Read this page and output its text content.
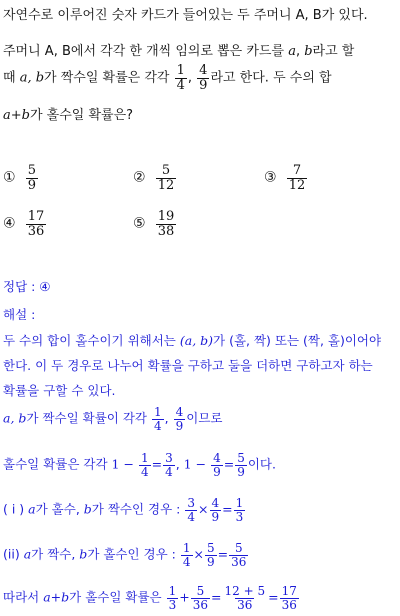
자연수로 이루어진 숫자 카드가 들어있는 두 주머니 A, B가 있다.
주머니 A, B에서 각각 한 개씩 임의로 뽑은 카드를 a, b라고 할
때 a, b가 짝수일 확률은 각각 $\frac{1}{4}$ , $\frac{4}{9}$ 라고 한다. 두 수의 합
a+b가 홀수일 확률은?
① $\frac{5}{9}$	② $\frac{5}{12}$	③ $\frac{7}{12}$
④ $\frac{17}{36}$	⑤ $\frac{19}{38}$
정답 : ④
해설 :
두 수의 합이 홀수이기 위해서는 (a, b)가 (홀, 짝) 또는 (짝, 홀)이어야
한다. 이 두 경우로 나누어 확률을 구하고 둘을 더하면 구하고자 하는
확률을 구할 수 있다.
a, b가 짝수일 확률이 각각 $\frac{1}{4}$ , $\frac{4}{9}$ 이므로
홀수일 확률은 각각 $1 - \frac{1}{4} = \frac{3}{4}$ , $1 - \frac{4}{9} = \frac{5}{9}$ 이다.
( i ) a가 홀수, b가 짝수인 경우 : $\frac{3}{4} \times \frac{4}{9} = \frac{1}{3}$
(ii) a가 짝수, b가 홀수인 경우 : $\frac{1}{4} \times \frac{5}{9} = \frac{5}{36}$
따라서 a+b가 홀수일 확률은 $\frac{1}{3} + \frac{5}{36} = \frac{12 + 5}{36} = \frac{17}{36}$
